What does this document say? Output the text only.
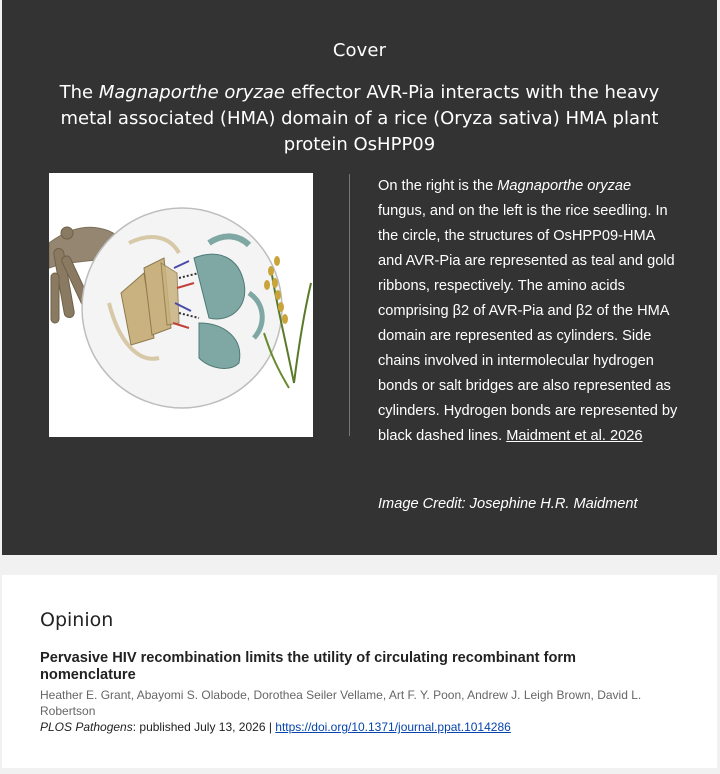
Cover
The Magnaporthe oryzae effector AVR-Pia interacts with the heavy metal associated (HMA) domain of a rice (Oryza sativa) HMA plant protein OsHPP09
On the right is the Magnaporthe oryzae fungus, and on the left is the rice seedling. In the circle, the structures of OsHPP09-HMA and AVR-Pia are represented as teal and gold ribbons, respectively. The amino acids comprising β2 of AVR-Pia and β2 of the HMA domain are represented as cylinders. Side chains involved in intermolecular hydrogen bonds or salt bridges are also represented as cylinders. Hydrogen bonds are represented by black dashed lines. Maidment et al. 2026
Image Credit: Josephine H.R. Maidment
Opinion
Pervasive HIV recombination limits the utility of circulating recombinant form nomenclature
Heather E. Grant, Abayomi S. Olabode, Dorothea Seiler Vellame, Art F. Y. Poon, Andrew J. Leigh Brown, David L. Robertson
PLOS Pathogens: published July 13, 2026 | https://doi.org/10.1371/journal.ppat.1014286
